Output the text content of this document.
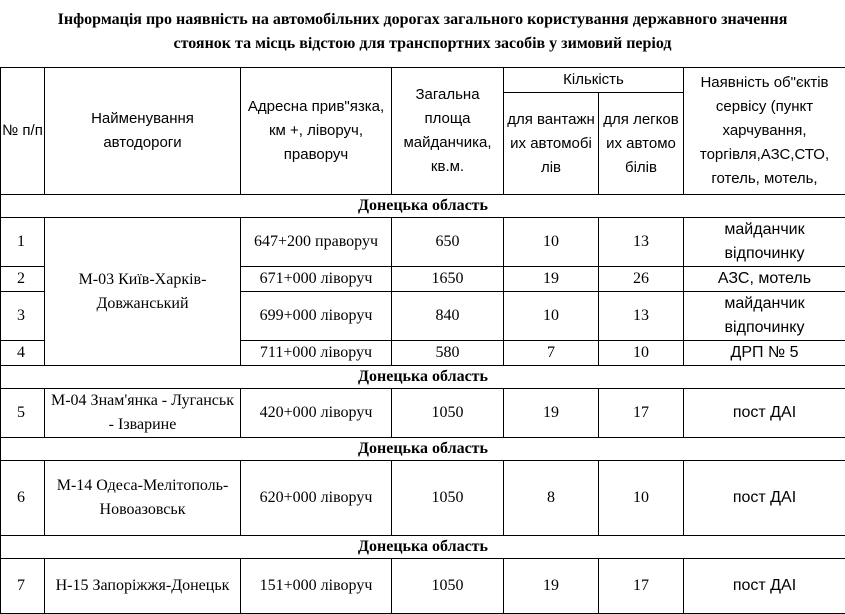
Інформація про наявність на автомобільних дорогах загального користування державного значення
стоянок та місць відстою для транспортних засобів у зимовий період
№ п/п	Найменування автодороги	Адресна прив"язка, км +, ліворуч, праворуч	Загальна площа майданчика, кв.м.	Кількість		Наявність об"єктів сервісу (пункт харчування, торгівля,АЗС,СТО, готель, мотель,
				для вантажних автомобілів	для легкових автомобілів	
Донецька область						
1	М-03 Київ-Харків-Довжанський	647+200 праворуч	650	10	13	майданчик відпочинку
2		671+000 ліворуч	1650	19	26	АЗС, мотель
3		699+000 ліворуч	840	10	13	майданчик відпочинку
4		711+000 ліворуч	580	7	10	ДРП № 5
Донецька область						
5	М-04 Знам'янка - Луганськ - Ізварине	420+000 ліворуч	1050	19	17	пост ДАІ
Донецька область						
6	М-14 Одеса-Мелітополь-Новоазовськ	620+000 ліворуч	1050	8	10	пост ДАІ
Донецька область						
7	Н-15 Запоріжжя-Донецьк	151+000 ліворуч	1050	19	17	пост ДАІ
